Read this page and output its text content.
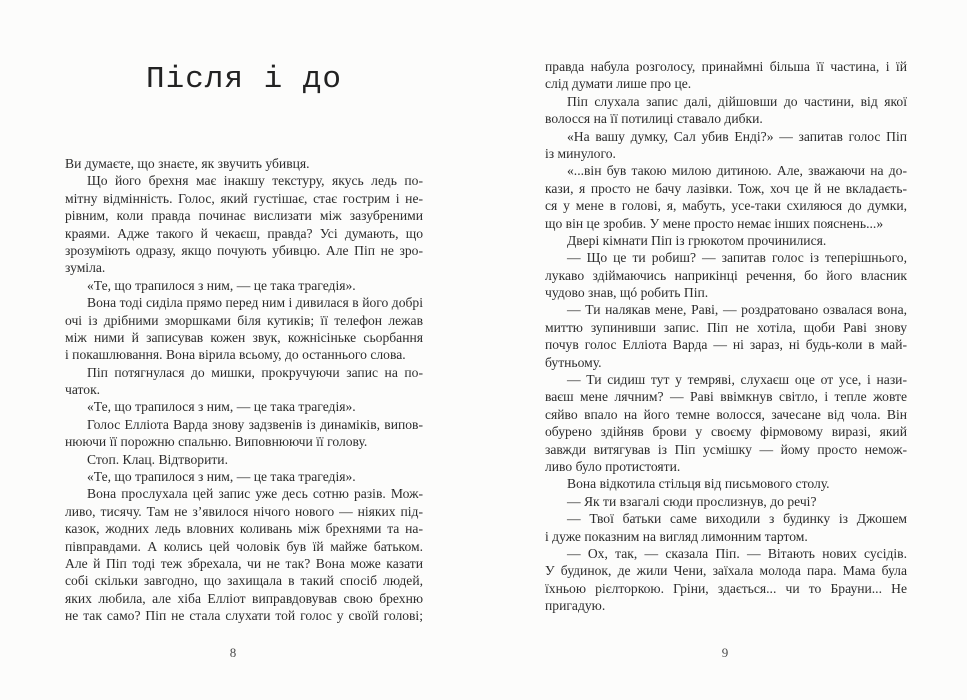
Після і до
Ви думаєте, що знаєте, як звучить убивця.
Що його брехня має інакшу текстуру, якусь ледь по-
мітну відмінність. Голос, який густішає, стає гострим і не-
рівним, коли правда починає вислизати між зазубреними
краями. Адже такого й чекаєш, правда? Усі думають, що
зрозуміють одразу, якщо почують убивцю. Але Піп не зро-
зуміла.
«Те, що трапилося з ним, — це така трагедія».
Вона тоді сиділа прямо перед ним і дивилася в його добрі
очі із дрібними зморшками біля кутиків; її телефон лежав
між ними й записував кожен звук, кожнісіньке сьорбання
і покашлювання. Вона вірила всьому, до останнього слова.
Піп потягнулася до мишки, прокручуючи запис на по-
чаток.
«Те, що трапилося з ним, — це така трагедія».
Голос Елліота Варда знову задзвенів із динаміків, випов-
нюючи її порожню спальню. Виповнюючи її голову.
Стоп. Клац. Відтворити.
«Те, що трапилося з ним, — це така трагедія».
Вона прослухала цей запис уже десь сотню разів. Мож-
ливо, тисячу. Там не з’явилося нічого нового — ніяких під-
казок, жодних ледь вловних коливань між брехнями та на-
півправдами. А колись цей чоловік був їй майже батьком.
Але й Піп тоді теж збрехала, чи не так? Вона може казати
собі скільки завгодно, що захищала в такий спосіб людей,
яких любила, але хіба Елліот виправдовував свою брехню
не так само? Піп не стала слухати той голос у своїй голові;
8
правда набула розголосу, принаймні більша її частина, і їй
слід думати лише про це.
Піп слухала запис далі, дійшовши до частини, від якої
волосся на її потилиці ставало дибки.
«На вашу думку, Сал убив Енді?» — запитав голос Піп
із минулого.
«...він був такою милою дитиною. Але, зважаючи на до-
кази, я просто не бачу лазівки. Тож, хоч це й не вкладаєть-
ся у мене в голові, я, мабуть, усе-таки схиляюся до думки,
що він це зробив. У мене просто немає інших пояснень...»
Двері кімнати Піп із грюкотом прочинилися.
— Що це ти робиш? — запитав голос із теперішнього,
лукаво здіймаючись наприкінці речення, бо його власник
чудово знав, щó робить Піп.
— Ти налякав мене, Раві, — роздратовано озвалася вона,
миттю зупинивши запис. Піп не хотіла, щоби Раві знову
почув голос Елліота Варда — ні зараз, ні будь-коли в май-
бутньому.
— Ти сидиш тут у темряві, слухаєш оце от усе, і нази-
ваєш мене лячним? — Раві ввімкнув світло, і тепле жовте
сяйво впало на його темне волосся, зачесане від чола. Він
обурено здійняв брови у своєму фірмовому виразі, який
завжди витягував із Піп усмішку — йому просто немож-
ливо було протистояти.
Вона відкотила стільця від письмового столу.
— Як ти взагалі сюди прослизнув, до речі?
— Твої батьки саме виходили з будинку із Джошем
і дуже показним на вигляд лимонним тартом.
— Ох, так, — сказала Піп. — Вітають нових сусідів.
У будинок, де жили Чени, заїхала молода пара. Мама була
їхньою рієлторкою. Гріни, здається... чи то Брауни... Не
пригадую.
9
